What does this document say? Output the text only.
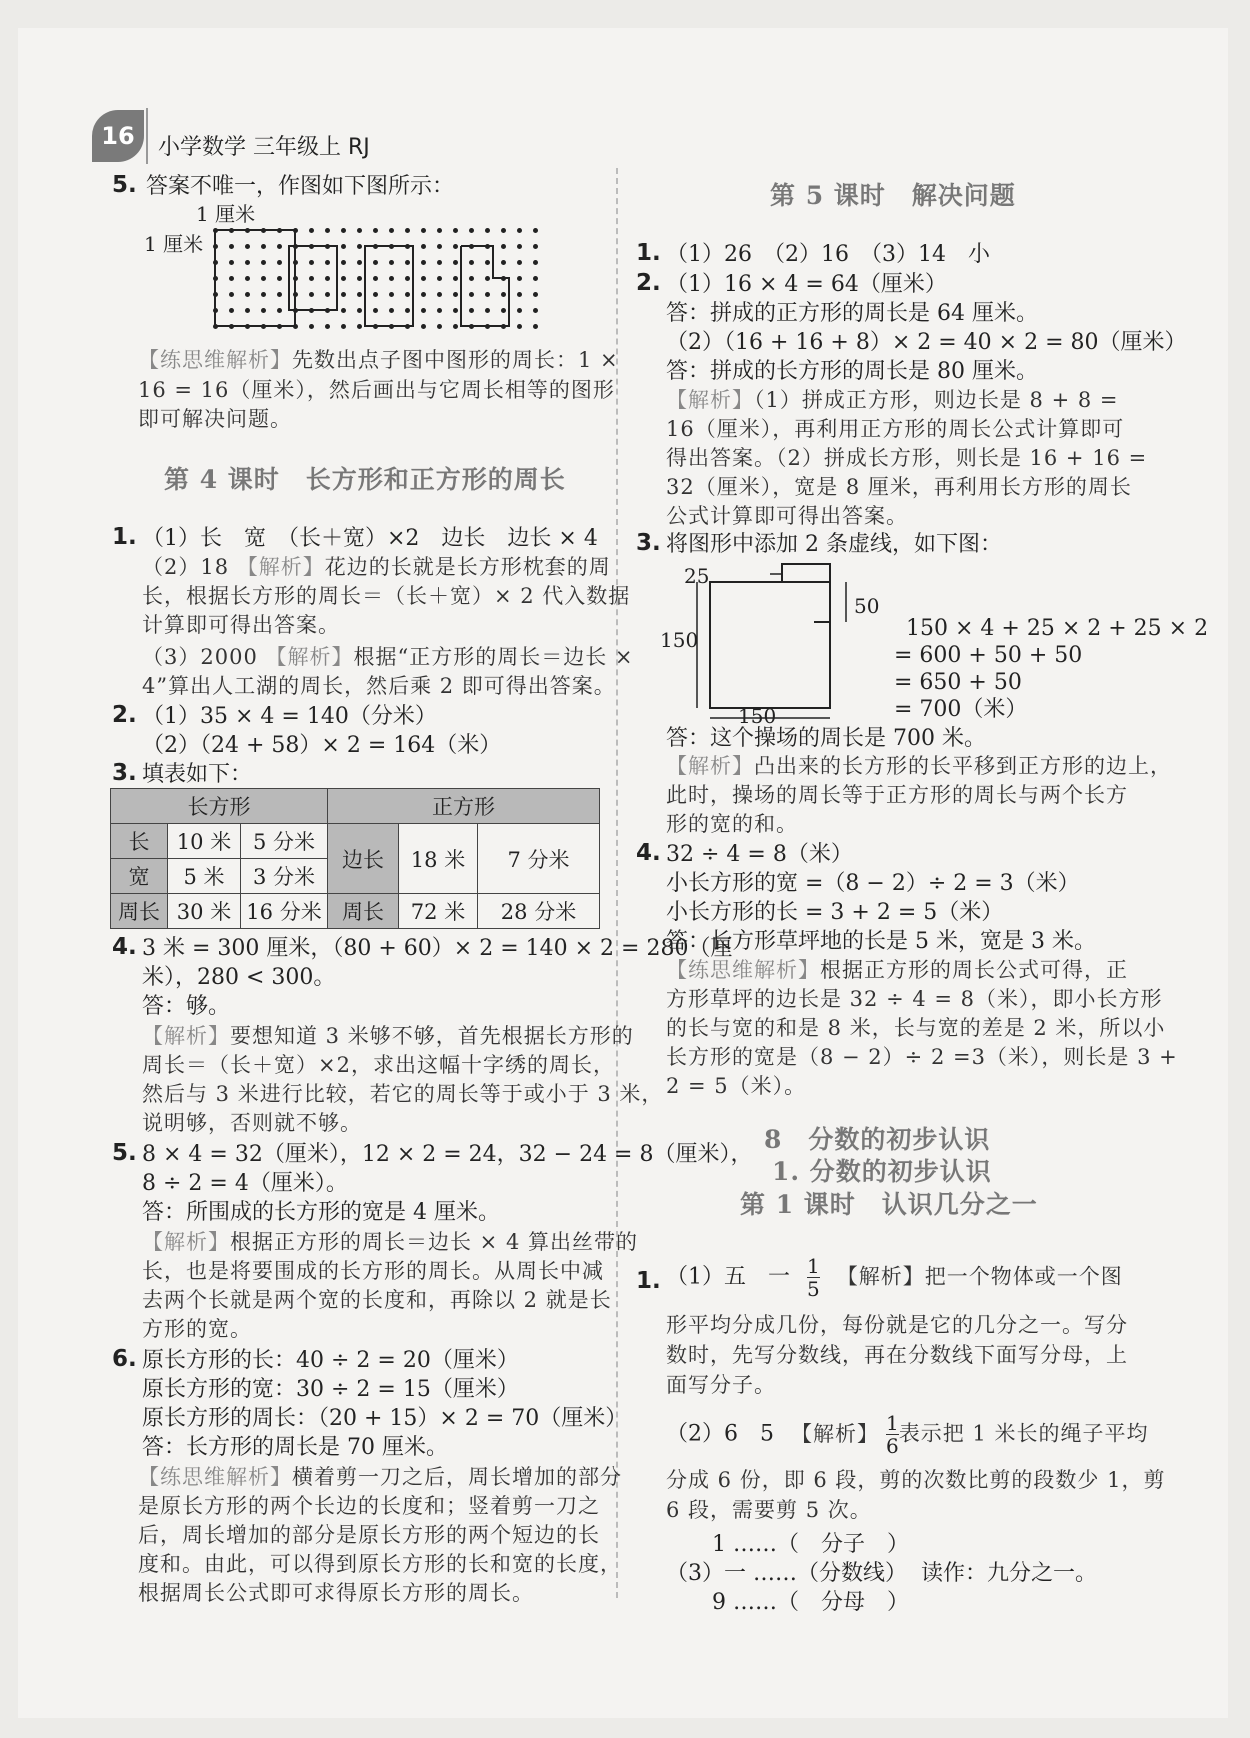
16	小学数学 三年级上 RJ
5. 答案不唯一，作图如下图所示：
1 厘米
1 厘米
【练思维解析】先数出点子图中图形的周长：1 ×
16 = 16（厘米），然后画出与它周长相等的图形
即可解决问题。
第 4 课时　长方形和正方形的周长
1. （1）长　宽　（长＋宽）×2　边长　边长 × 4
（2）18 【解析】花边的长就是长方形枕套的周
长，根据长方形的周长＝（长＋宽）× 2 代入数据
计算即可得出答案。
（3）2000 【解析】根据“正方形的周长＝边长 ×
4”算出人工湖的周长，然后乘 2 即可得出答案。
2. （1）35 × 4 = 140（分米）
（2）（24 + 58）× 2 = 164（米）
3. 填表如下：
长方形			正方形		
长	10 米	5 分米	边长	18 米	7 分米
宽	5 米	3 分米			
周长	30 米	16 分米	周长	72 米	28 分米
4. 3 米 = 300 厘米，（80 + 60）× 2 = 140 × 2 = 280（厘
米），280 < 300。
答：够。
【解析】要想知道 3 米够不够，首先根据长方形的
周长＝（长＋宽）×2，求出这幅十字绣的周长，
然后与 3 米进行比较，若它的周长等于或小于 3 米，
说明够，否则就不够。
5. 8 × 4 = 32（厘米），12 × 2 = 24，32 − 24 = 8（厘米），
8 ÷ 2 = 4（厘米）。
答：所围成的长方形的宽是 4 厘米。
【解析】根据正方形的周长＝边长 × 4 算出丝带的
长，也是将要围成的长方形的周长。从周长中减
去两个长就是两个宽的长度和，再除以 2 就是长
方形的宽。
6. 原长方形的长：40 ÷ 2 = 20（厘米）
原长方形的宽：30 ÷ 2 = 15（厘米）
原长方形的周长：（20 + 15）× 2 = 70（厘米）
答：长方形的周长是 70 厘米。
【练思维解析】横着剪一刀之后，周长增加的部分
是原长方形的两个长边的长度和；竖着剪一刀之
后，周长增加的部分是原长方形的两个短边的长
度和。由此，可以得到原长方形的长和宽的长度，
根据周长公式即可求得原长方形的周长。
第 5 课时　解决问题
1. （1）26　（2）16　（3）14　小
2. （1）16 × 4 = 64（厘米）
答：拼成的正方形的周长是 64 厘米。
（2）（16 + 16 + 8）× 2 = 40 × 2 = 80（厘米）
答：拼成的长方形的周长是 80 厘米。
【解析】（1）拼成正方形，则边长是 8 + 8 =
16（厘米），再利用正方形的周长公式计算即可
得出答案。（2）拼成长方形，则长是 16 + 16 =
32（厘米），宽是 8 厘米，再利用长方形的周长
公式计算即可得出答案。
3. 将图形中添加 2 条虚线，如下图：
25
50
150
150
150 × 4 + 25 × 2 + 25 × 2
= 600 + 50 + 50
= 650 + 50
= 700（米）
答：这个操场的周长是 700 米。
【解析】凸出来的长方形的长平移到正方形的边上，
此时，操场的周长等于正方形的周长与两个长方
形的宽的和。
4. 32 ÷ 4 = 8（米）
小长方形的宽 =（8 − 2）÷ 2 = 3（米）
小长方形的长 = 3 + 2 = 5（米）
答：长方形草坪地的长是 5 米，宽是 3 米。
【练思维解析】根据正方形的周长公式可得，正
方形草坪的边长是 32 ÷ 4 = 8（米），即小长方形
的长与宽的和是 8 米，长与宽的差是 2 米，所以小
长方形的宽是（8 − 2）÷ 2 =3（米），则长是 3 +
2 = 5（米）。
8　分数的初步认识
1. 分数的初步认识
第 1 课时　认识几分之一
1. （1）五　一 $\frac{1}{5}$ 【解析】把一个物体或一个图
形平均分成几份，每份就是它的几分之一。写分
数时，先写分数线，再在分数线下面写分母，上
面写分子。
（2）6　5 【解析】 $\frac{1}{6}$ 表示把 1 米长的绳子平均
分成 6 份，即 6 段，剪的次数比剪的段数少 1，剪
6 段，需要剪 5 次。
1 ……（　分子　）
（3）一 ……（分数线） 读作：九分之一。
9 ……（　分母　）
